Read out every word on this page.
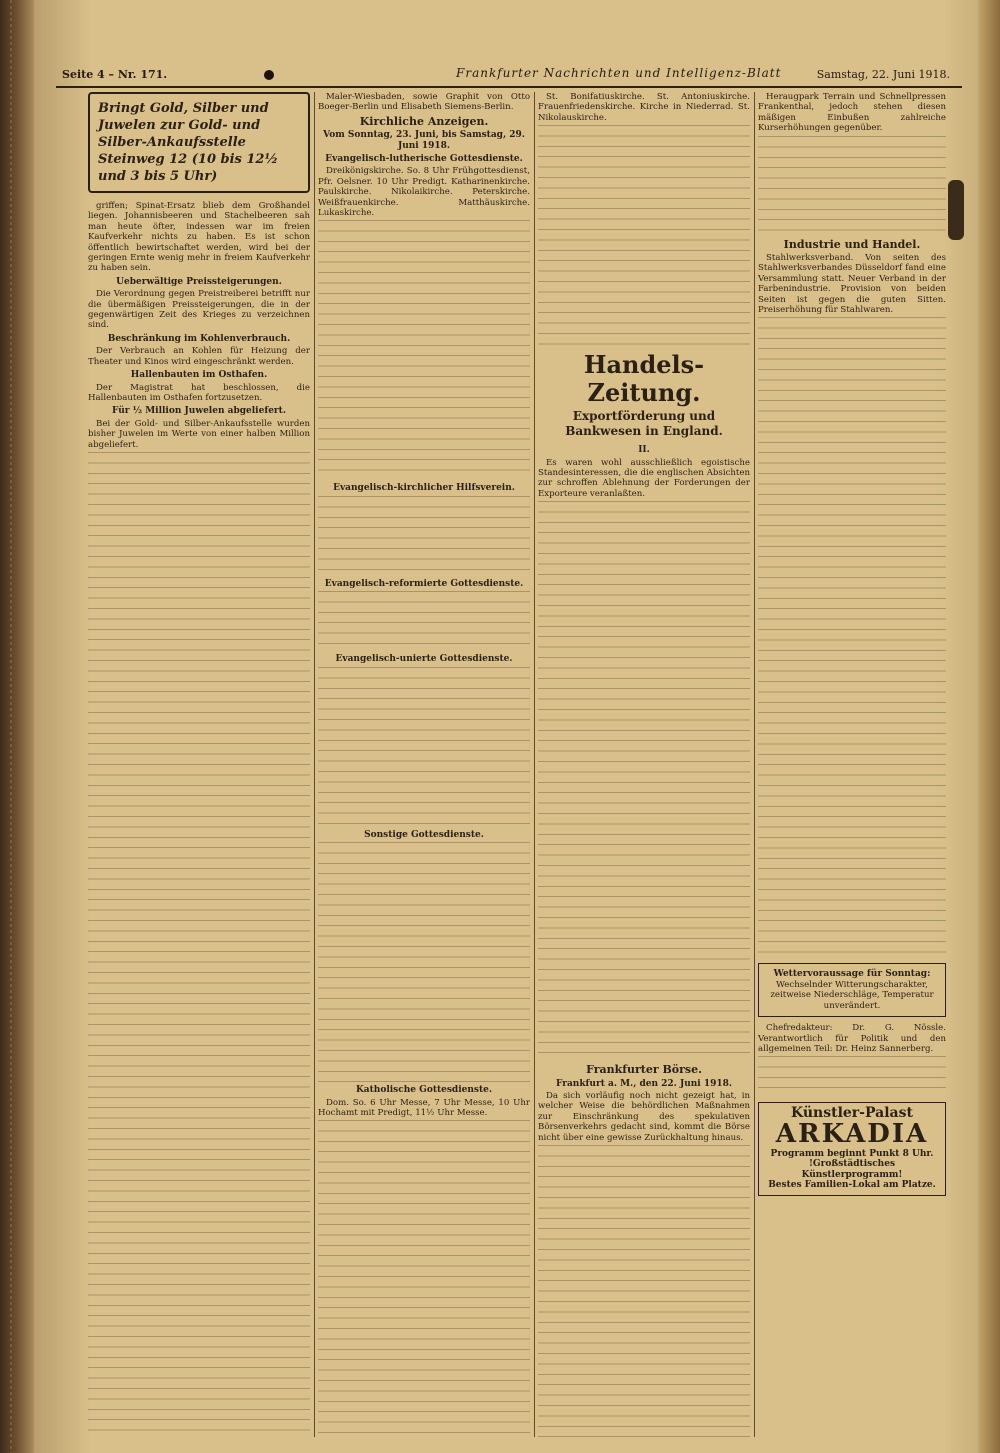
Seite 4 – Nr. 171.	Frankfurter Nachrichten und Intelligenz-Blatt	Samstag, 22. Juni 1918.
Bringt Gold, Silber und Juwelen zur Gold- und Silber-Ankaufsstelle Steinweg 12 (10 bis 12½ und 3 bis 5 Uhr)

griffen; Spinat-Ersatz blieb dem Großhandel liegen. Johannisbeeren und Stachelbeeren sah man heute öfter, indessen war im freien Kaufverkehr nichts zu haben. Es ist schon öffentlich bewirtschaftet werden, wird bei der geringen Ernte wenig mehr in freiem Kaufverkehr zu haben sein.

Ueberwältige Preissteigerungen.

Die Verordnung gegen Preistreiberei betrifft nur die übermäßigen Preissteigerungen, die in der gegenwärtigen Zeit des Krieges zu verzeichnen sind.

Beschränkung im Kohlenverbrauch.

Der Verbrauch an Kohlen für Heizung der Theater und Kinos wird eingeschränkt werden.

Hallenbauten im Osthafen.

Der Magistrat hat beschlossen, die Hallenbauten im Osthafen fortzusetzen.

Für ½ Million Juwelen abgeliefert.

Bei der Gold- und Silber-Ankaufsstelle wurden bisher Juwelen im Werte von einer halben Million abgeliefert.

Maler-Wiesbaden, sowie Graphit von Otto Boeger-Berlin und Elisabeth Siemens-Berlin.

Kirchliche Anzeigen.
Vom Sonntag, 23. Juni, bis Samstag, 29. Juni 1918.
Evangelisch-lutherische Gottesdienste.

Dreikönigskirche. So. 8 Uhr Frühgottesdienst, Pfr. Oelsner. 10 Uhr Predigt. Katharinenkirche. Paulskirche. Nikolaikirche. Peterskirche. Weißfrauenkirche. Matthäuskirche. Lukaskirche.

Evangelisch-kirchlicher Hilfsverein.
Evangelisch-reformierte Gottesdienste.
Evangelisch-unierte Gottesdienste.
Sonstige Gottesdienste.
Katholische Gottesdienste.

Dom. So. 6 Uhr Messe, 7 Uhr Messe, 10 Uhr Hochamt mit Predigt, 11½ Uhr Messe.

St. Bonifatiuskirche. St. Antoniuskirche. Frauenfriedenskirche. Kirche in Niederrad. St. Nikolauskirche.

Handels-Zeitung.
Exportförderung und Bankwesen in England.
II.

Es waren wohl ausschließlich egoistische Standesinteressen, die die englischen Absichten zur schroffen Ablehnung der Forderungen der Exporteure veranlaßten.

Frankfurter Börse.
Frankfurt a. M., den 22. Juni 1918.

Da sich vorläufig noch nicht gezeigt hat, in welcher Weise die behördlichen Maßnahmen zur Einschränkung des spekulativen Börsenverkehrs gedacht sind, kommt die Börse nicht über eine gewisse Zurückhaltung hinaus.

Heraugpark Terrain und Schnellpressen Frankenthal, jedoch stehen diesen mäßigen Einbußen zahlreiche Kurserhöhungen gegenüber.

Industrie und Handel.

Stahlwerksverband. Von seiten des Stahlwerksverbandes Düsseldorf fand eine Versammlung statt. Neuer Verband in der Farbenindustrie. Provision von beiden Seiten ist gegen die guten Sitten. Preiserhöhung für Stahlwaren.

Wettervoraussage für Sonntag:
Wechselnder Witterungscharakter, zeitweise Niederschläge, Temperatur unverändert.

Chefredakteur: Dr. G. Nössle. Verantwortlich für Politik und den allgemeinen Teil: Dr. Heinz Sannerberg.

Künstler-Palast
ARKADIA
Programm beginnt Punkt 8 Uhr.
!Großstädtisches Künstlerprogramm!
Bestes Familien-Lokal am Platze.
